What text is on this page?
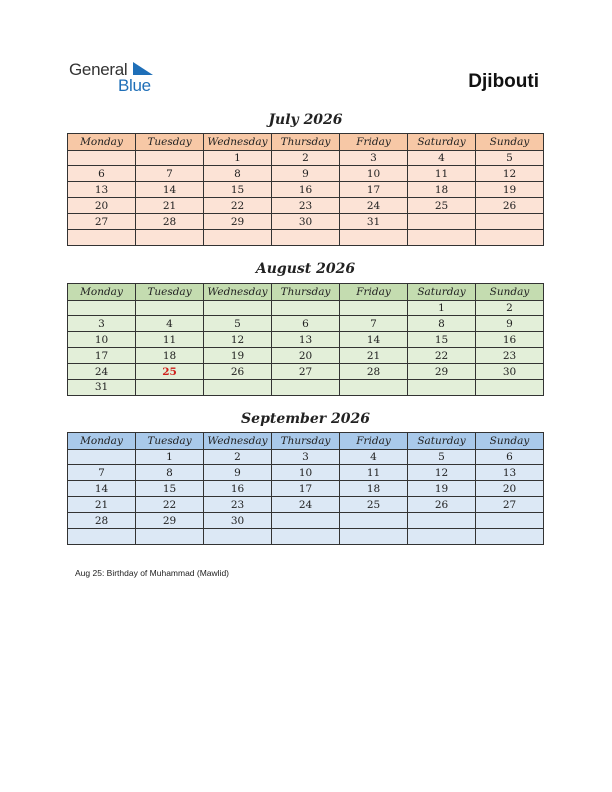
General
Blue	Djibouti
July 2026
Monday	Tuesday	Wednesday	Thursday	Friday	Saturday	Sunday
		1	2	3	4	5
6	7	8	9	10	11	12
13	14	15	16	17	18	19
20	21	22	23	24	25	26
27	28	29	30	31		

August 2026
Monday	Tuesday	Wednesday	Thursday	Friday	Saturday	Sunday
					1	2
3	4	5	6	7	8	9
10	11	12	13	14	15	16
17	18	19	20	21	22	23
24	25	26	27	28	29	30
31						
September 2026
Monday	Tuesday	Wednesday	Thursday	Friday	Saturday	Sunday
	1	2	3	4	5	6
7	8	9	10	11	12	13
14	15	16	17	18	19	20
21	22	23	24	25	26	27
28	29	30				

Aug 25: Birthday of Muhammad (Mawlid)
